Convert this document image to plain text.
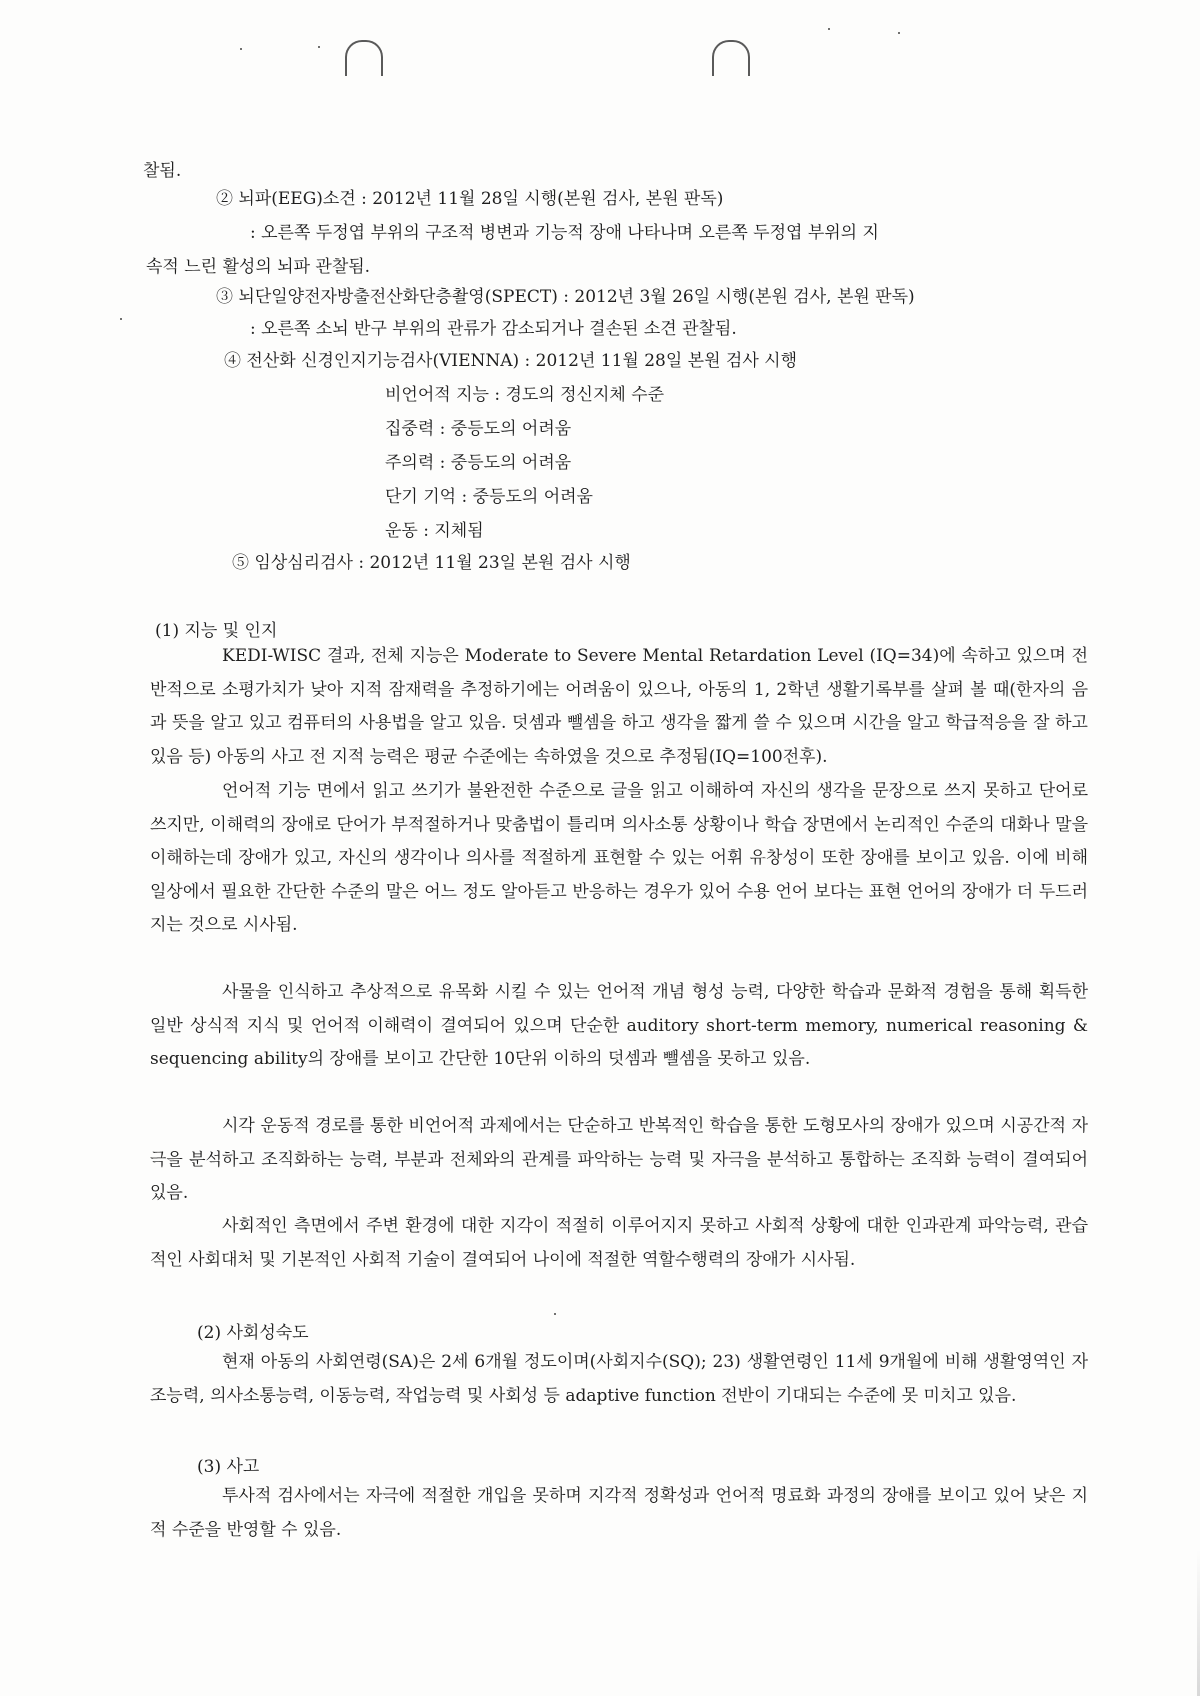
찰됨.
② 뇌파(EEG)소견 : 2012년 11월 28일 시행(본원 검사, 본원 판독)
: 오른쪽 두정엽 부위의 구조적 병변과 기능적 장애 나타나며 오른쪽 두정엽 부위의 지
속적 느린 활성의 뇌파 관찰됨.
③ 뇌단일양전자방출전산화단층촬영(SPECT) : 2012년 3월 26일 시행(본원 검사, 본원 판독)
: 오른쪽 소뇌 반구 부위의 관류가 감소되거나 결손된 소견 관찰됨.
④ 전산화 신경인지기능검사(VIENNA) : 2012년 11월 28일 본원 검사 시행
비언어적 지능 : 경도의 정신지체 수준
집중력 : 중등도의 어려움
주의력 : 중등도의 어려움
단기 기억 : 중등도의 어려움
운동 : 지체됨
⑤ 임상심리검사 : 2012년 11월 23일 본원 검사 시행
(1) 지능 및 인지

KEDI-WISC 결과, 전체 지능은 Moderate to Severe Mental Retardation Level (IQ=34)에 속하고 있으며 전반적으로 소평가치가 낮아 지적 잠재력을 추정하기에는 어려움이 있으나, 아동의 1, 2학년 생활기록부를 살펴 볼 때(한자의 음과 뜻을 알고 있고 컴퓨터의 사용법을 알고 있음. 덧셈과 뺄셈을 하고 생각을 짧게 쓸 수 있으며 시간을 알고 학급적응을 잘 하고 있음 등) 아동의 사고 전 지적 능력은 평균 수준에는 속하였을 것으로 추정됨(IQ=100전후).

언어적 기능 면에서 읽고 쓰기가 불완전한 수준으로 글을 읽고 이해하여 자신의 생각을 문장으로 쓰지 못하고 단어로 쓰지만, 이해력의 장애로 단어가 부적절하거나 맞춤법이 틀리며 의사소통 상황이나 학습 장면에서 논리적인 수준의 대화나 말을 이해하는데 장애가 있고, 자신의 생각이나 의사를 적절하게 표현할 수 있는 어휘 유창성이 또한 장애를 보이고 있음. 이에 비해 일상에서 필요한 간단한 수준의 말은 어느 정도 알아듣고 반응하는 경우가 있어 수용 언어 보다는 표현 언어의 장애가 더 두드러지는 것으로 시사됨.

사물을 인식하고 추상적으로 유목화 시킬 수 있는 언어적 개념 형성 능력, 다양한 학습과 문화적 경험을 통해 획득한 일반 상식적 지식 및 언어적 이해력이 결여되어 있으며 단순한 auditory short-term memory, numerical reasoning & sequencing ability의 장애를 보이고 간단한 10단위 이하의 덧셈과 뺄셈을 못하고 있음.

시각 운동적 경로를 통한 비언어적 과제에서는 단순하고 반복적인 학습을 통한 도형모사의 장애가 있으며 시공간적 자극을 분석하고 조직화하는 능력, 부분과 전체와의 관계를 파악하는 능력 및 자극을 분석하고 통합하는 조직화 능력이 결여되어 있음.

사회적인 측면에서 주변 환경에 대한 지각이 적절히 이루어지지 못하고 사회적 상황에 대한 인과관계 파악능력, 관습적인 사회대처 및 기본적인 사회적 기술이 결여되어 나이에 적절한 역할수행력의 장애가 시사됨.

(2) 사회성숙도

현재 아동의 사회연령(SA)은 2세 6개월 정도이며(사회지수(SQ); 23) 생활연령인 11세 9개월에 비해 생활영역인 자조능력, 의사소통능력, 이동능력, 작업능력 및 사회성 등 adaptive function 전반이 기대되는 수준에 못 미치고 있음.

(3) 사고

투사적 검사에서는 자극에 적절한 개입을 못하며 지각적 정확성과 언어적 명료화 과정의 장애를 보이고 있어 낮은 지적 수준을 반영할 수 있음.
